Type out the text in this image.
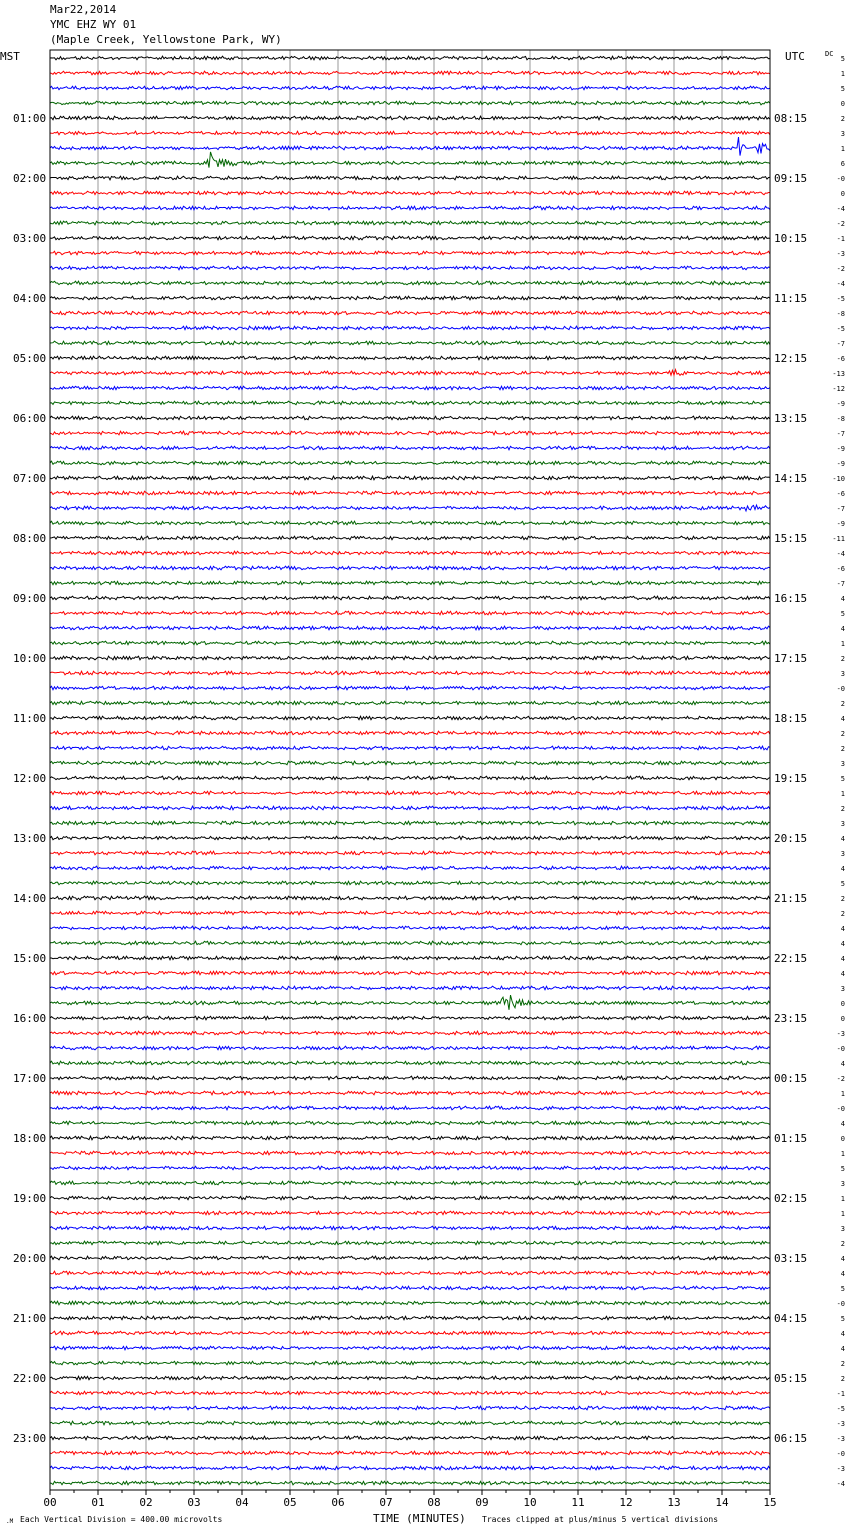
Mar22,2014
YMC EHZ WY 01
(Maple Creek, Yellowstone Park, WY)
MST	UTC	DC
01:00
02:00
03:00
04:00
05:00
06:00
07:00
08:00
09:00
10:00
11:00
12:00
13:00
14:00
15:00
16:00
17:00
18:00
19:00
20:00
21:00
22:00
23:00
08:15
09:15
10:15
11:15
12:15
13:15
14:15
15:15
16:15
17:15
18:15
19:15
20:15
21:15
22:15
23:15
00:15
01:15
02:15
03:15
04:15
05:15
06:15
5
1
5
0
2
3
1
6
-0
0
-4
-2
-1
-3
-2
-4
-5
-8
-5
-7
-6
-13
-12
-9
-8
-7
-9
-9
-10
-6
-7
-9
-11
-4
-6
-7
4
5
4
1
2
3
-0
2
4
2
2
3
5
1
2
3
4
3
4
5
2
2
4
4
4
4
3
0
0
-3
-0
4
-2
1
-0
4
0
1
5
3
1
1
3
2
4
4
5
-0
5
4
4
2
2
-1
-5
-3
-3
-0
-3
-4
00	01	02	03	04	05	06	07	08	09	10	11	12	13	14	15
.M Each Vertical Division = 400.00 microvolts	TIME (MINUTES) Traces clipped at plus/minus 5 vertical divisions
